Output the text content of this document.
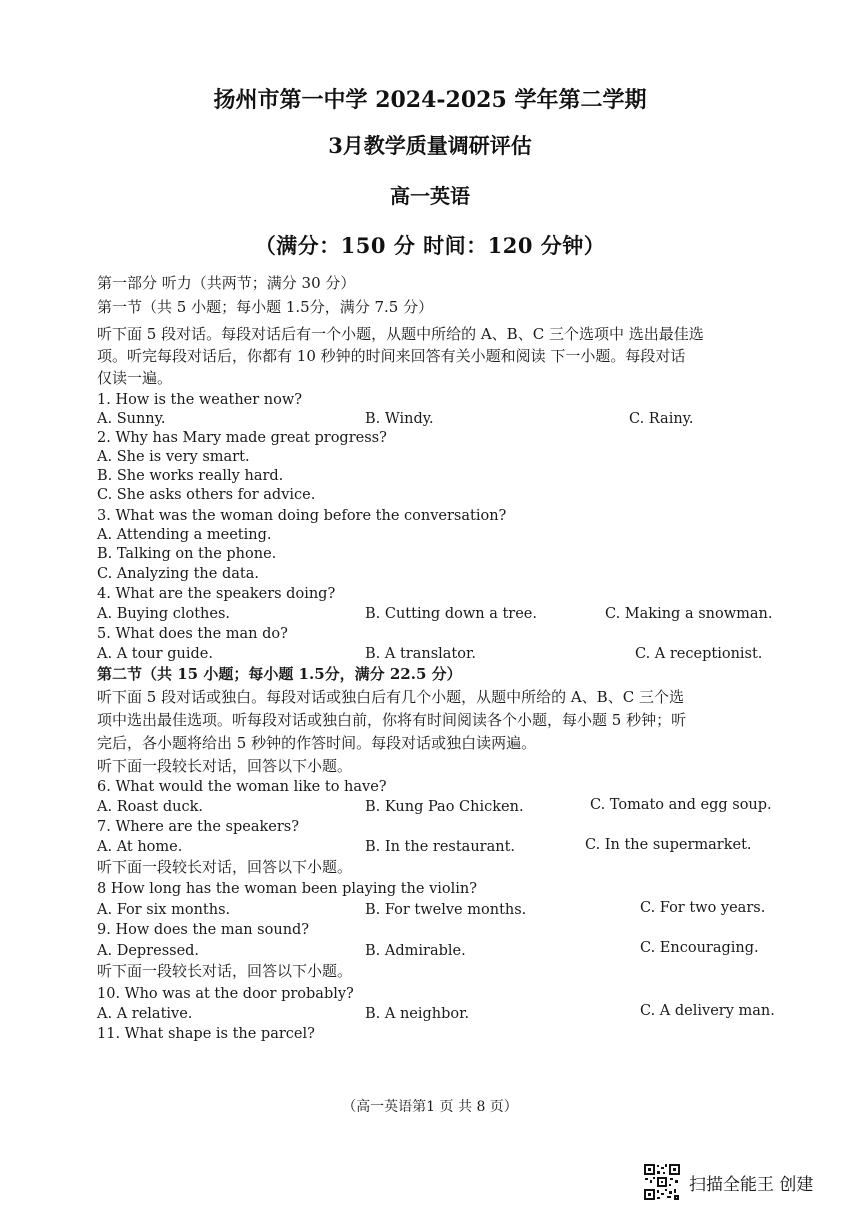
扬州市第一中学 2024-2025 学年第二学期
3月教学质量调研评估
高一英语
（满分：150 分 时间：120 分钟）
第一部分 听力（共两节；满分 30 分）
第一节（共 5 小题；每小题 1.5分，满分 7.5 分）
听下面 5 段对话。每段对话后有一个小题，从题中所给的 A、B、C 三个选项中 选出最佳选
项。听完每段对话后，你都有 10 秒钟的时间来回答有关小题和阅读 下一小题。每段对话
仅读一遍。
1. How is the weather now?
A. Sunny.	B. Windy.	C. Rainy.
2. Why has Mary made great progress?
A. She is very smart.
B. She works really hard.
C. She asks others for advice.
3. What was the woman doing before the conversation?
A. Attending a meeting.
B. Talking on the phone.
C. Analyzing the data.
4. What are the speakers doing?
A. Buying clothes.	B. Cutting down a tree.	C. Making a snowman.
5. What does the man do?
A. A tour guide.	B. A translator.	C. A receptionist.
第二节（共 15 小题；每小题 1.5分，满分 22.5 分）
听下面 5 段对话或独白。每段对话或独白后有几个小题，从题中所给的 A、B、C 三个选
项中选出最佳选项。听每段对话或独白前，你将有时间阅读各个小题，每小题 5 秒钟；听
完后，各小题将给出 5 秒钟的作答时间。每段对话或独白读两遍。
听下面一段较长对话，回答以下小题。
6. What would the woman like to have?
A. Roast duck.	B. Kung Pao Chicken.	C. Tomato and egg soup.
7. Where are the speakers?
A. At home.	B. In the restaurant.	C. In the supermarket.
听下面一段较长对话，回答以下小题。
8 How long has the woman been playing the violin?
A. For six months.	B. For twelve months.	C. For two years.
9. How does the man sound?
A. Depressed.	B. Admirable.	C. Encouraging.
听下面一段较长对话，回答以下小题。
10. Who was at the door probably?
A. A relative.	B. A neighbor.	C. A delivery man.
11. What shape is the parcel?
（高一英语第1 页 共 8 页）
扫描全能王 创建
